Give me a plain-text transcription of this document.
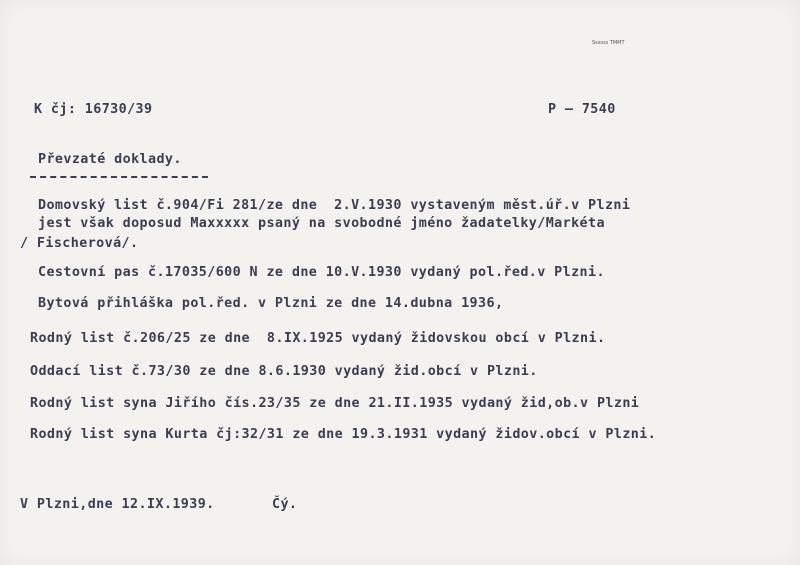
Ssssss TMMT
K čj: 16730/39	P – 7540
Převzaté doklady.
Domovský list č.904/Fi 281/ze dne  2.V.1930 vystaveným měst.úř.v Plzni
jest však doposud Maxxxxx psaný na svobodné jméno žadatelky/Markéta
/ Fischerová/.
Cestovní pas č.17035/600 N ze dne 10.V.1930 vydaný pol.řed.v Plzni.
Bytová přihláška pol.řed. v Plzni ze dne 14.dubna 1936,
Rodný list č.206/25 ze dne  8.IX.1925 vydaný židovskou obcí v Plzni.
Oddací list č.73/30 ze dne 8.6.1930 vydaný žid.obcí v Plzni.
Rodný list syna Jiřího čís.23/35 ze dne 21.II.1935 vydaný žid,ob.v Plzni
Rodný list syna Kurta čj:32/31 ze dne 19.3.1931 vydaný židov.obcí v Plzni.
V Plzni,dne 12.IX.1939.	Čý.
